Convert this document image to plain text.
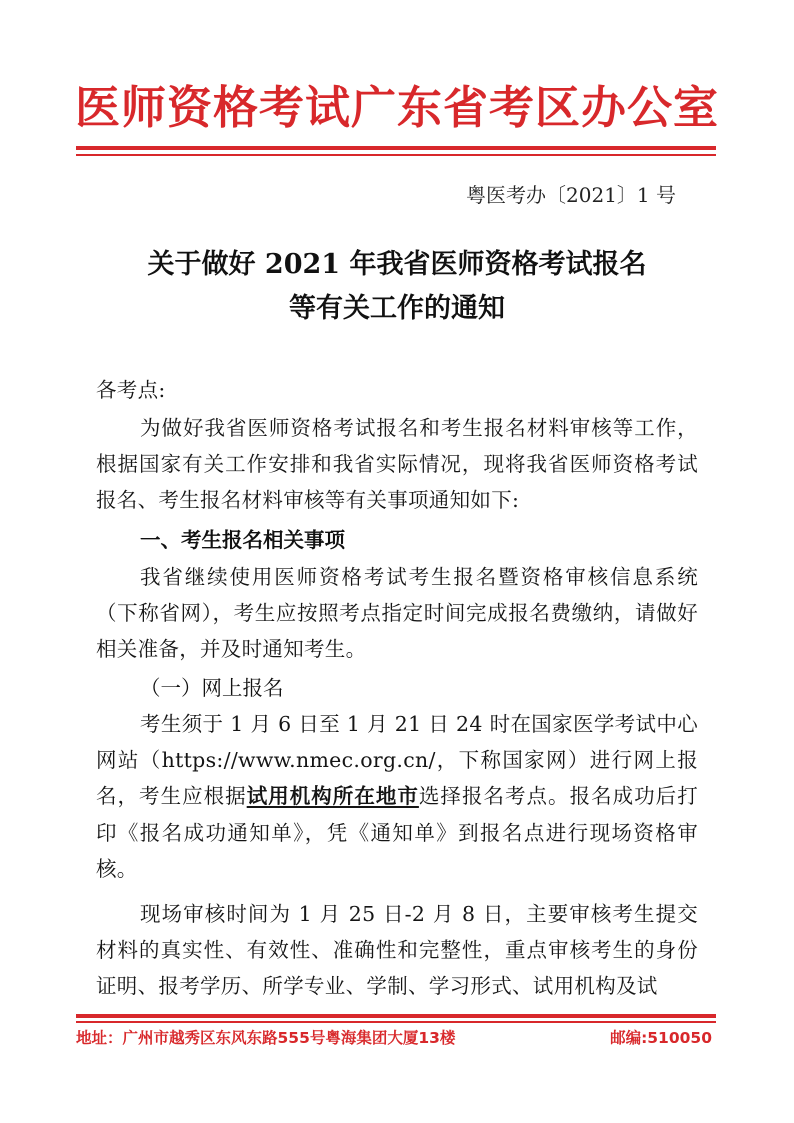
医师资格考试广东省考区办公室
粤医考办〔2021〕1 号
关于做好 2021 年我省医师资格考试报名
等有关工作的通知
各考点:
为做好我省医师资格考试报名和考生报名材料审核等工作，根据国家有关工作安排和我省实际情况，现将我省医师资格考试报名、考生报名材料审核等有关事项通知如下:
一、考生报名相关事项
我省继续使用医师资格考试考生报名暨资格审核信息系统（下称省网），考生应按照考点指定时间完成报名费缴纳，请做好相关准备，并及时通知考生。
（一）网上报名
考生须于 1 月 6 日至 1 月 21 日 24 时在国家医学考试中心网站（https://www.nmec.org.cn/，下称国家网）进行网上报名，考生应根据试用机构所在地市选择报名考点。报名成功后打印《报名成功通知单》，凭《通知单》到报名点进行现场资格审核。
现场审核时间为 1 月 25 日-2 月 8 日，主要审核考生提交材料的真实性、有效性、准确性和完整性，重点审核考生的身份证明、报考学历、所学专业、学制、学习形式、试用机构及试
地址：广州市越秀区东风东路555号粤海集团大厦13楼	邮编:510050
